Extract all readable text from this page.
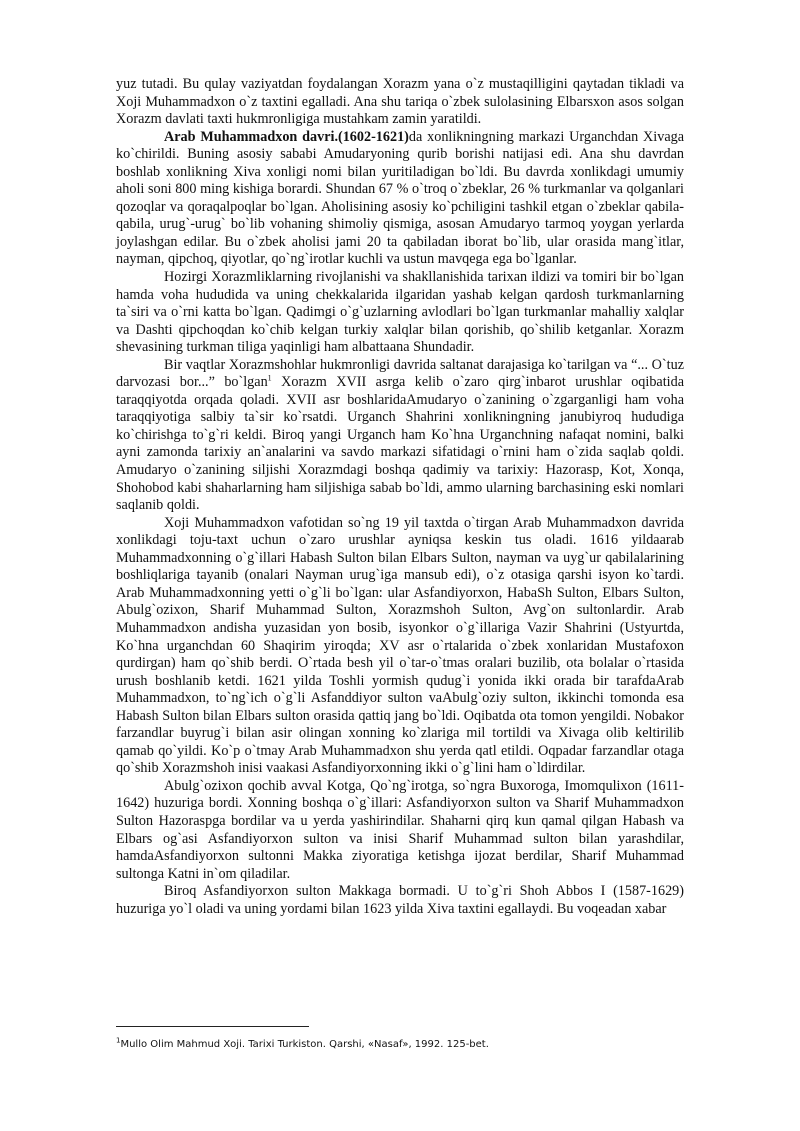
yuz tutadi. Bu qulay vaziyatdan foydalangan Xorazm yana o`z mustaqilligini qaytadan tikladi va Xoji Muhammadxon o`z taxtini egalladi. Ana shu tariqa o`zbek sulolasining Elbarsxon asos solgan Xorazm davlati taxti hukmronligiga mustahkam zamin yaratildi.

Arab Muhammadxon davri.(1602-1621)da xonlikningning markazi Urganchdan Xivaga ko`chirildi. Buning asosiy sababi Amudaryoning qurib borishi natijasi edi. Ana shu davrdan boshlab xonlikning Xiva xonligi nomi bilan yuritiladigan bo`ldi. Bu davrda xonlikdagi umumiy aholi soni 800 ming kishiga borardi. Shundan 67 % o`troq o`zbeklar, 26 % turkmanlar va qolganlari qozoqlar va qoraqalpoqlar bo`lgan. Aholisining asosiy ko`pchiligini tashkil etgan o`zbeklar qabila-qabila, urug`-urug` bo`lib vohaning shimoliy qismiga, asosan Amudaryo tarmoq yoygan yerlarda joylashgan edilar. Bu o`zbek aholisi jami 20 ta qabiladan iborat bo`lib, ular orasida mang`itlar, nayman, qipchoq, qiyotlar, qo`ng`irotlar kuchli va ustun mavqega ega bo`lganlar.

Hozirgi Xorazmliklarning rivojlanishi va shakllanishida tarixan ildizi va tomiri bir bo`lgan hamda voha hududida va uning chekkalarida ilgaridan yashab kelgan qardosh turkmanlarning ta`siri va o`rni katta bo`lgan. Qadimgi o`g`uzlarning avlodlari bo`lgan turkmanlar mahalliy xalqlar va Dashti qipchoqdan ko`chib kelgan turkiy xalqlar bilan qorishib, qo`shilib ketganlar. Xorazm shevasining turkman tiliga yaqinligi ham albattaana Shundadir.

Bir vaqtlar Xorazmshohlar hukmronligi davrida saltanat darajasiga ko`tarilgan va “... O`tuz darvozasi bor...” bo`lgan$^1$ Xorazm XVII asrga kelib o`zaro qirg`inbarot urushlar oqibatida taraqqiyotda orqada qoladi. XVII asr boshlaridaAmudaryo o`zanining o`zgarganligi ham voha taraqqiyotiga salbiy ta`sir ko`rsatdi. Urganch Shahrini xonlikningning janubiyroq hududiga ko`chirishga to`g`ri keldi. Biroq yangi Urganch ham Ko`hna Urganchning nafaqat nomini, balki ayni zamonda tarixiy an`analarini va savdo markazi sifatidagi o`rnini ham o`zida saqlab qoldi. Amudaryo o`zanining siljishi Xorazmdagi boshqa qadimiy va tarixiy: Hazorasp, Kot, Xonqa, Shohobod kabi shaharlarning ham siljishiga sabab bo`ldi, ammo ularning barchasining eski nomlari saqlanib qoldi.

Xoji Muhammadxon vafotidan so`ng 19 yil taxtda o`tirgan Arab Muhammadxon davrida xonlikdagi toju-taxt uchun o`zaro urushlar ayniqsa keskin tus oladi. 1616 yildaarab Muhammadxonning o`g`illari Habash Sulton bilan Elbars Sulton, nayman va uyg`ur qabilalarining boshliqlariga tayanib (onalari Nayman urug`iga mansub edi), o`z otasiga qarshi isyon ko`tardi. Arab Muhammadxonning yetti o`g`li bo`lgan: ular Asfandiyorxon, HabaSh Sulton, Elbars Sulton, Abulg`ozixon, Sharif Muhammad Sulton, Xorazmshoh Sulton, Avg`on sultonlardir. Arab Muhammadxon andisha yuzasidan yon bosib, isyonkor o`g`illariga Vazir Shahrini (Ustyurtda, Ko`hna urganchdan 60 Shaqirim yiroqda; XV asr o`rtalarida o`zbek xonlaridan Mustafoxon qurdirgan) ham qo`shib berdi. O`rtada besh yil o`tar-o`tmas oralari buzilib, ota bolalar o`rtasida urush boshlanib ketdi. 1621 yilda Toshli yormish qudug`i yonida ikki orada bir tarafdaArab Muhammadxon, to`ng`ich o`g`li Asfanddiyor sulton vaAbulg`oziy sulton, ikkinchi tomonda esa Habash Sulton bilan Elbars sulton orasida qattiq jang bo`ldi. Oqibatda ota tomon yengildi. Nobakor farzandlar buyrug`i bilan asir olingan xonning ko`zlariga mil tortildi va Xivaga olib keltirilib qamab qo`yildi. Ko`p o`tmay Arab Muhammadxon shu yerda qatl etildi. Oqpadar farzandlar otaga qo`shib Xorazmshoh inisi vaakasi Asfandiyorxonning ikki o`g`lini ham o`ldirdilar.

Abulg`ozixon qochib avval Kotga, Qo`ng`irotga, so`ngra Buxoroga, Imomqulixon (1611-1642) huzuriga bordi. Xonning boshqa o`g`illari: Asfandiyorxon sulton va Sharif Muhammadxon Sulton Hazoraspga bordilar va u yerda yashirindilar. Shaharni qirq kun qamal qilgan Habash va Elbars og`asi Asfandiyorxon sulton va inisi Sharif Muhammad sulton bilan yarashdilar, hamdaAsfandiyorxon sultonni Makka ziyoratiga ketishga ijozat berdilar, Sharif Muhammad sultonga Katni in`om qiladilar.

Biroq Asfandiyorxon sulton Makkaga bormadi. U to`g`ri Shoh Abbos I (1587-1629) huzuriga yo`l oladi va uning yordami bilan 1623 yilda Xiva taxtini egallaydi. Bu voqeadan xabar

$^1$Mullo Olim Mahmud Xoji. Tarixi Turkiston. Qarshi, «Nasaf», 1992. 125-bet.
